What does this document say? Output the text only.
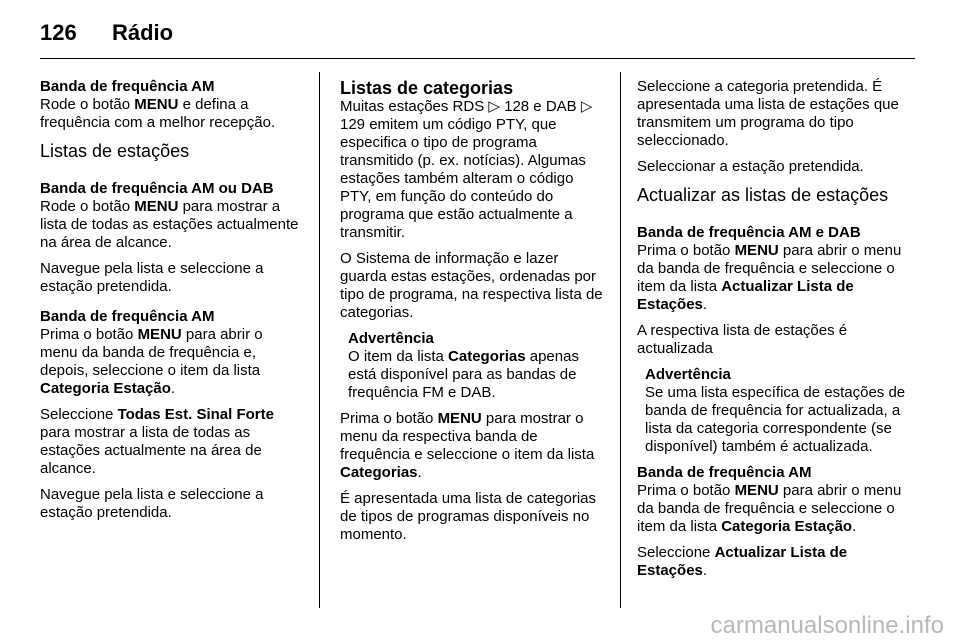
126 Rádio

Banda de frequência AM

Rode o botão MENU e defina a frequência com a melhor recepção.

Listas de estações

Banda de frequência AM ou DAB

Rode o botão MENU para mostrar a lista de todas as estações actualmente na área de alcance.

Navegue pela lista e seleccione a estação pretendida.

Banda de frequência AM

Prima o botão MENU para abrir o menu da banda de frequência e, depois, seleccione o item da lista Categoria Estação.

Seleccione Todas Est. Sinal Forte para mostrar a lista de todas as estações actualmente na área de alcance.

Navegue pela lista e seleccione a estação pretendida.

Listas de categorias

Muitas estações RDS ▷ 128 e DAB ▷ 129 emitem um código PTY, que especifica o tipo de programa transmitido (p. ex. notícias). Algumas estações também alteram o código PTY, em função do conteúdo do programa que estão actualmente a transmitir.

O Sistema de informação e lazer guarda estas estações, ordenadas por tipo de programa, na respectiva lista de categorias.

Advertência

O item da lista Categorias apenas está disponível para as bandas de frequência FM e DAB.

Prima o botão MENU para mostrar o menu da respectiva banda de frequência e seleccione o item da lista Categorias.

É apresentada uma lista de categorias de tipos de programas disponíveis no momento.

Seleccione a categoria pretendida. É apresentada uma lista de estações que transmitem um programa do tipo seleccionado.

Seleccionar a estação pretendida.

Actualizar as listas de estações

Banda de frequência AM e DAB

Prima o botão MENU para abrir o menu da banda de frequência e seleccione o item da lista Actualizar Lista de Estações.

A respectiva lista de estações é actualizada

Advertência

Se uma lista específica de estações de banda de frequência for actualizada, a lista da categoria correspondente (se disponível) também é actualizada.

Banda de frequência AM

Prima o botão MENU para abrir o menu da banda de frequência e seleccione o item da lista Categoria Estação.

Seleccione Actualizar Lista de Estações.

carmanualsonline.info
